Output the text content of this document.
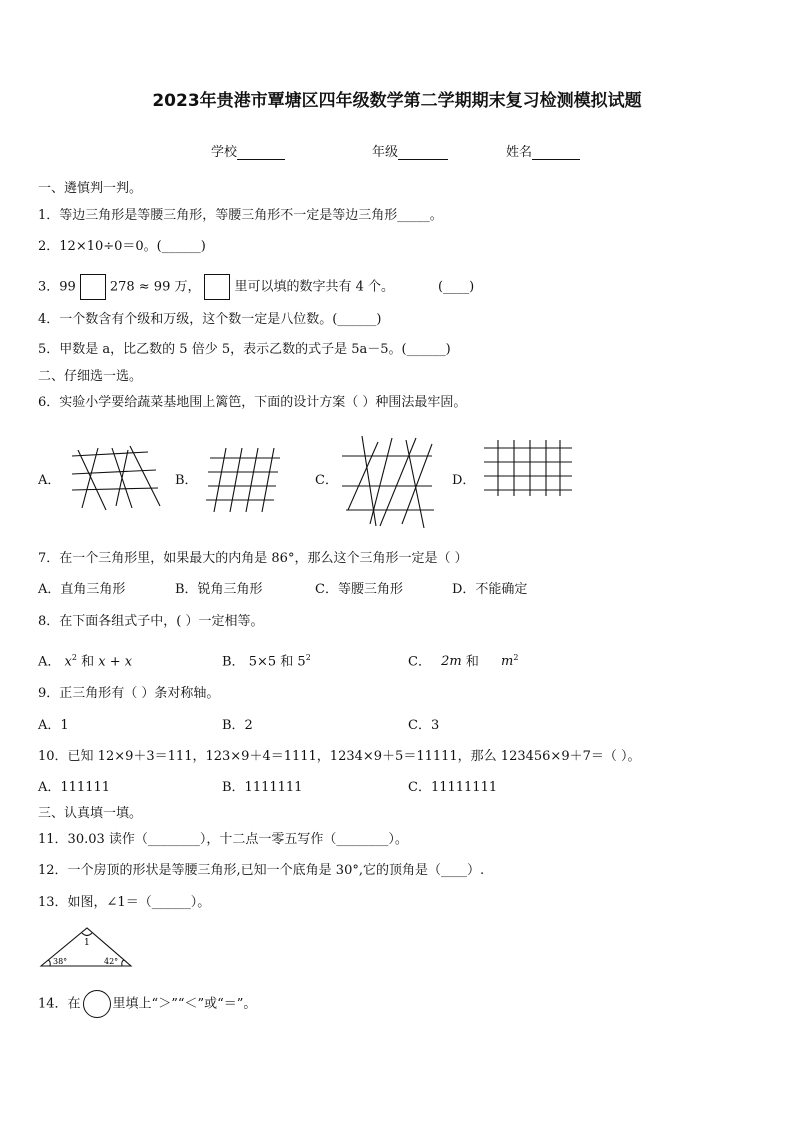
2023年贵港市覃塘区四年级数学第二学期期末复习检测模拟试题
学校	年级	姓名
一、遴慎判一判。
1．等边三角形是等腰三角形，等腰三角形不一定是等边三角形_____。
2．12×10÷0＝0。(______)
3．99	278 ≈ 99 万，	里可以填的数字共有 4 个。	(____)
4．一个数含有个级和万级，这个数一定是八位数。(______)
5．甲数是 a，比乙数的 5 倍少 5，表示乙数的式子是 5a－5。(______)
二、仔细选一选。
6．实验小学要给蔬菜基地围上篱笆，下面的设计方案（ ）种围法最牢固。
A．	B．	C．	D．
7．在一个三角形里，如果最大的内角是 86°，那么这个三角形一定是（ ）
A．直角三角形	B．锐角三角形	C．等腰三角形	D．不能确定
8．在下面各组式子中，( ）一定相等。
A． $x^2$ 和 x + x	B． 5×5 和 $5^2$	C． 2m 和 $m^2$
9．正三角形有（ ）条对称轴。
A．1	B．2	C．3
10．已知 12×9＋3＝111，123×9＋4＝1111，1234×9＋5＝11111，那么 123456×9＋7＝（ ）。
A．111111	B．1111111	C．11111111
三、认真填一填。
11．30.03 读作（________），十二点一零五写作（________）。
12．一个房顶的形状是等腰三角形,已知一个底角是 30°,它的顶角是（____）.
13．如图，∠1＝（______）。
1
38°	42°
14．在 里填上“＞”“＜”或“＝”。
